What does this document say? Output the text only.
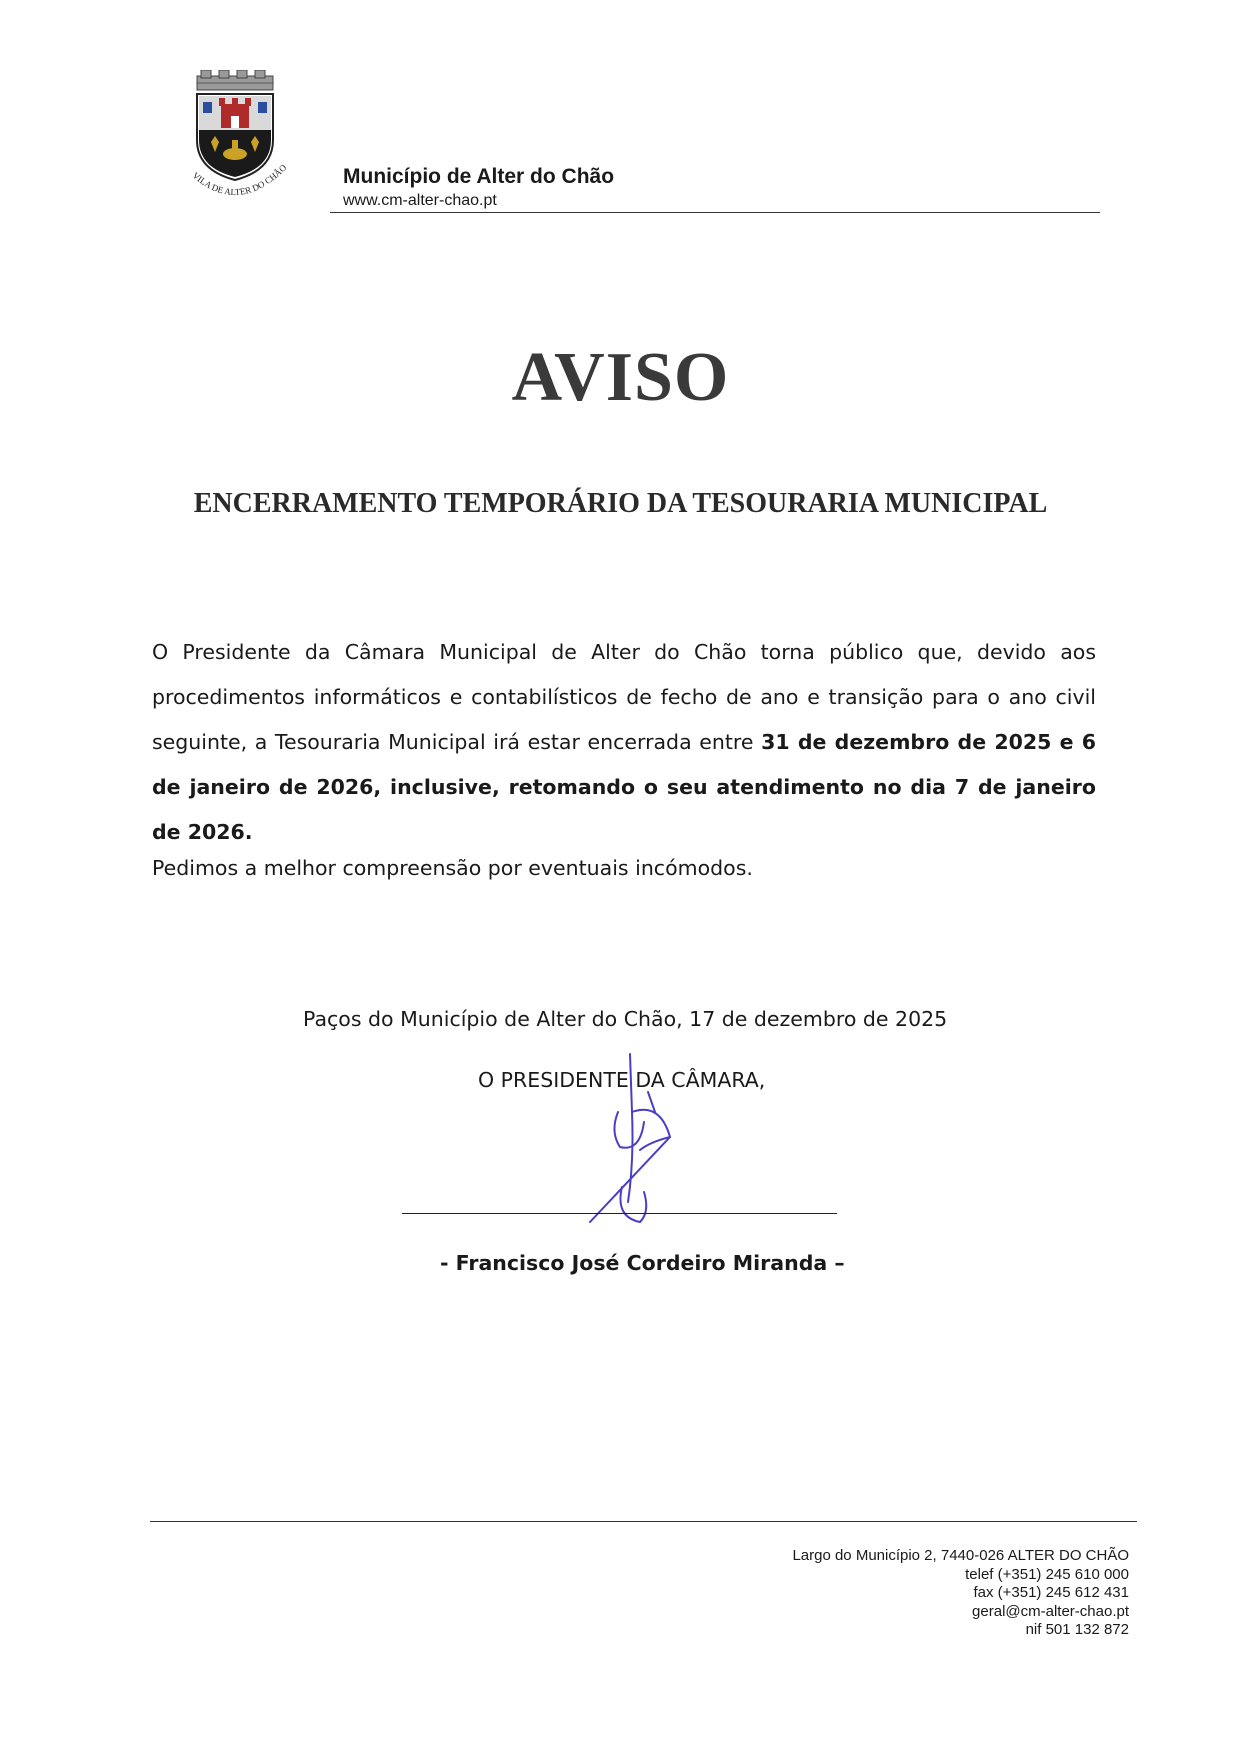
VILA DE ALTER DO CHÃO	Município de Alter do Chão
www.cm-alter-chao.pt
AVISO
ENCERRAMENTO TEMPORÁRIO DA TESOURARIA MUNICIPAL

O Presidente da Câmara Municipal de Alter do Chão torna público que, devido aos procedimentos informáticos e contabilísticos de fecho de ano e transição para o ano civil seguinte, a Tesouraria Municipal irá estar encerrada entre 31 de dezembro de 2025 e 6 de janeiro de 2026, inclusive, retomando o seu atendimento no dia 7 de janeiro de 2026.

Pedimos a melhor compreensão por eventuais incómodos.
Paços do Município de Alter do Chão, 17 de dezembro de 2025
O PRESIDENTE DA CÂMARA,
- Francisco José Cordeiro Miranda –
Largo do Município 2, 7440-026 ALTER DO CHÃO
telef (+351) 245 610 000
fax (+351) 245 612 431
geral@cm-alter-chao.pt
nif 501 132 872
